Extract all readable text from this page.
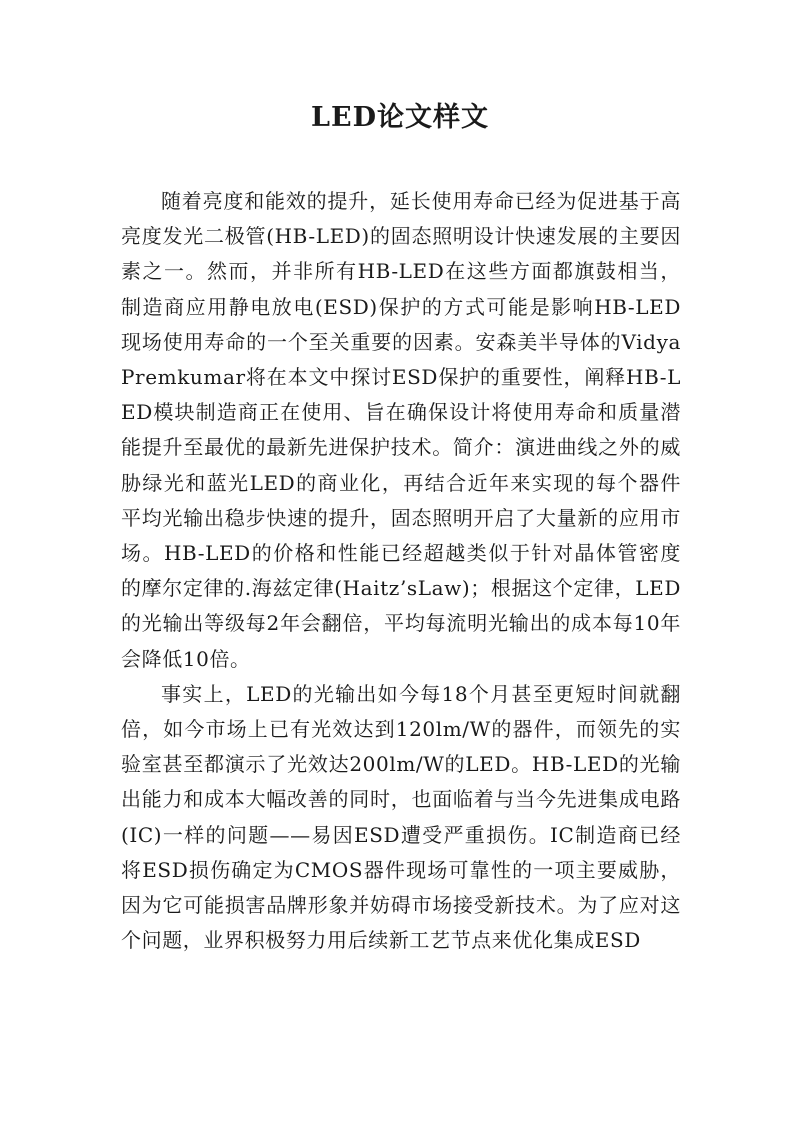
LED论文样文

随着亮度和能效的提升，延长使用寿命已经为促进基于高亮度发光二极管(HB-LED)的固态照明设计快速发展的主要因素之一。然而，并非所有HB-LED在这些方面都旗鼓相当，制造商应用静电放电(ESD)保护的方式可能是影响HB-LED现场使用寿命的一个至关重要的因素。安森美半导体的VidyaPremkumar将在本文中探讨ESD保护的重要性，阐释HB-LED模块制造商正在使用、旨在确保设计将使用寿命和质量潜能提升至最优的最新先进保护技术。简介：演进曲线之外的威胁绿光和蓝光LED的商业化，再结合近年来实现的每个器件平均光输出稳步快速的提升，固态照明开启了大量新的应用市场。HB-LED的价格和性能已经超越类似于针对晶体管密度的摩尔定律的.海兹定律(Haitz’sLaw)；根据这个定律，LED的光输出等级每2年会翻倍，平均每流明光输出的成本每10年会降低10倍。

事实上，LED的光输出如今每18个月甚至更短时间就翻倍，如今市场上已有光效达到120lm/W的器件，而领先的实验室甚至都演示了光效达200lm/W的LED。HB-LED的光输出能力和成本大幅改善的同时，也面临着与当今先进集成电路(IC)一样的问题——易因ESD遭受严重损伤。IC制造商已经将ESD损伤确定为CMOS器件现场可靠性的一项主要威胁，因为它可能损害品牌形象并妨碍市场接受新技术。为了应对这个问题，业界积极努力用后续新工艺节点来优化集成ESD
